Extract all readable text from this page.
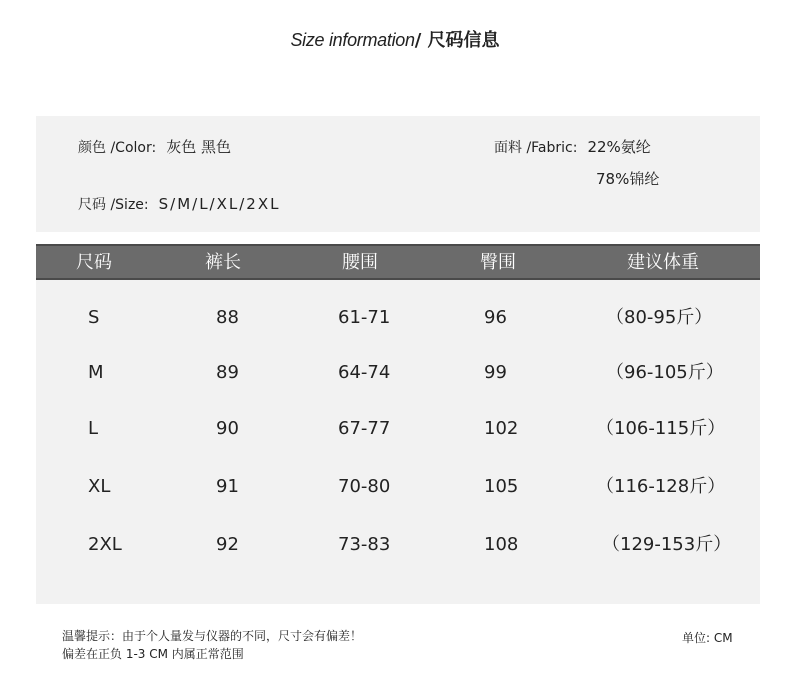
Size information/ 尺码信息
颜色 /Color: 灰色 黑色
尺码 /Size: S/M/L/XL/2XL
面料 /Fabric: 22%氨纶
78%锦纶
尺码	裤长	腰围	臀围	建议体重
S	88	61-71	96	（80-95斤）
M	89	64-74	99	（96-105斤）
L	90	67-77	102	（106-115斤）
XL	91	70-80	105	（116-128斤）
2XL	92	73-83	108	（129-153斤）
温馨提示：由于个人量发与仪器的不同，尺寸会有偏差！
偏差在正负 1-3 CM 内属正常范围
单位: CM
